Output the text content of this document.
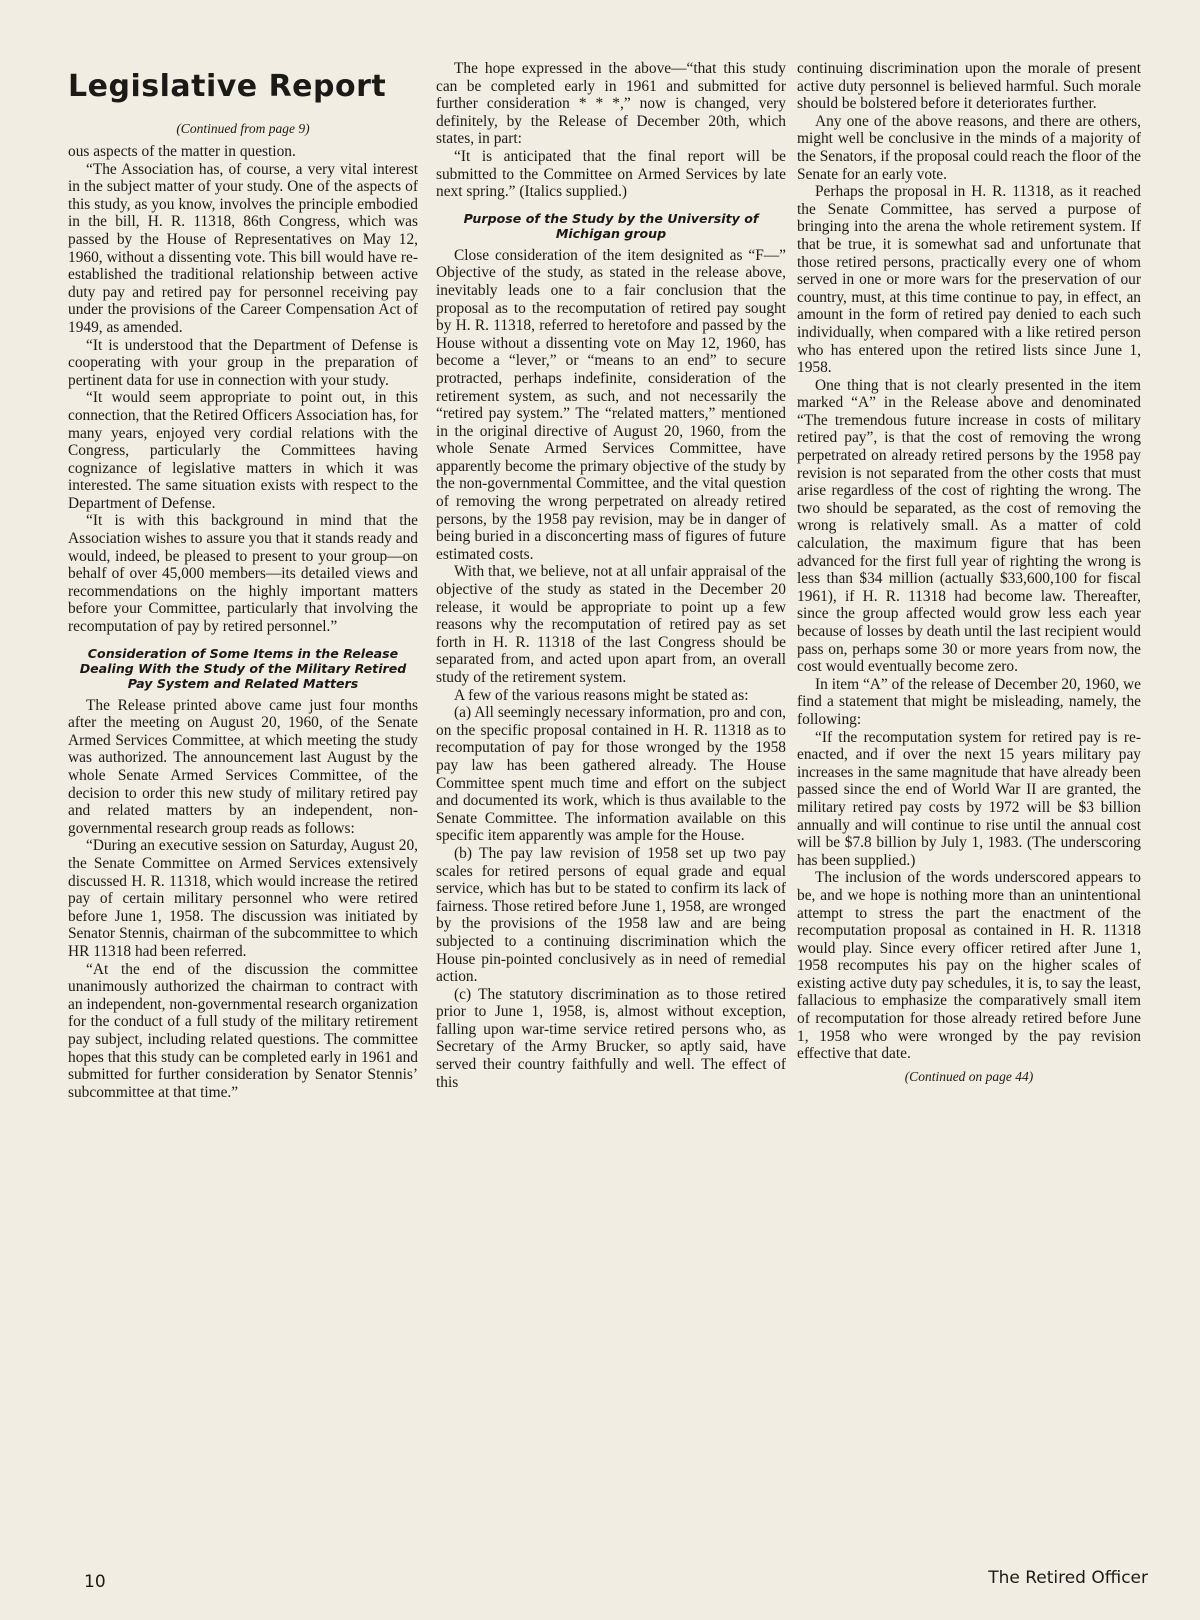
Legislative Report
(Continued from page 9)

ous aspects of the matter in question.

“The Association has, of course, a very vital interest in the subject matter of your study. One of the aspects of this study, as you know, involves the principle embodied in the bill, H. R. 11318, 86th Congress, which was passed by the House of Representatives on May 12, 1960, without a dissenting vote. This bill would have re-established the traditional relationship between active duty pay and retired pay for personnel receiving pay under the provisions of the Career Compensation Act of 1949, as amended.

“It is understood that the Department of Defense is cooperating with your group in the preparation of pertinent data for use in connection with your study.

“It would seem appropriate to point out, in this connection, that the Retired Officers Association has, for many years, enjoyed very cordial relations with the Congress, particularly the Committees having cognizance of legislative matters in which it was interested. The same situation exists with respect to the Department of Defense.

“It is with this background in mind that the Association wishes to assure you that it stands ready and would, indeed, be pleased to present to your group—on behalf of over 45,000 members—its detailed views and recommendations on the highly important matters before your Committee, particularly that involving the recomputation of pay by retired personnel.”

Consideration of Some Items in the Release Dealing With the Study of the Military Retired Pay System and Related Matters

The Release printed above came just four months after the meeting on August 20, 1960, of the Senate Armed Services Committee, at which meeting the study was authorized. The announcement last August by the whole Senate Armed Services Committee, of the decision to order this new study of military retired pay and related matters by an independent, non-governmental research group reads as follows:

“During an executive session on Saturday, August 20, the Senate Committee on Armed Services extensively discussed H. R. 11318, which would increase the retired pay of certain military personnel who were retired before June 1, 1958. The discussion was initiated by Senator Stennis, chairman of the subcommittee to which HR 11318 had been referred.

“At the end of the discussion the committee unanimously authorized the chairman to contract with an independent, non-governmental research organization for the conduct of a full study of the military retirement pay subject, including related questions. The committee hopes that this study can be completed early in 1961 and submitted for further consideration by Senator Stennis’ subcommittee at that time.”

The hope expressed in the above—“that this study can be completed early in 1961 and submitted for further consideration * * *,” now is changed, very definitely, by the Release of December 20th, which states, in part:

“It is anticipated that the final report will be submitted to the Committee on Armed Services by late next spring.” (Italics supplied.)

Purpose of the Study by the University of Michigan group

Close consideration of the item designited as “F—” Objective of the study, as stated in the release above, inevitably leads one to a fair conclusion that the proposal as to the recomputation of retired pay sought by H. R. 11318, referred to heretofore and passed by the House without a dissenting vote on May 12, 1960, has become a “lever,” or “means to an end” to secure protracted, perhaps indefinite, consideration of the retirement system, as such, and not necessarily the “retired pay system.” The “related matters,” mentioned in the original directive of August 20, 1960, from the whole Senate Armed Services Committee, have apparently become the primary objective of the study by the non-governmental Committee, and the vital question of removing the wrong perpetrated on already retired persons, by the 1958 pay revision, may be in danger of being buried in a disconcerting mass of figures of future estimated costs.

With that, we believe, not at all unfair appraisal of the objective of the study as stated in the December 20 release, it would be appropriate to point up a few reasons why the recomputation of retired pay as set forth in H. R. 11318 of the last Congress should be separated from, and acted upon apart from, an overall study of the retirement system.

A few of the various reasons might be stated as:

(a) All seemingly necessary information, pro and con, on the specific proposal contained in H. R. 11318 as to recomputation of pay for those wronged by the 1958 pay law has been gathered already. The House Committee spent much time and effort on the subject and documented its work, which is thus available to the Senate Committee. The information available on this specific item apparently was ample for the House.

(b) The pay law revision of 1958 set up two pay scales for retired persons of equal grade and equal service, which has but to be stated to confirm its lack of fairness. Those retired before June 1, 1958, are wronged by the provisions of the 1958 law and are being subjected to a continuing discrimination which the House pin-pointed conclusively as in need of remedial action.

(c) The statutory discrimination as to those retired prior to June 1, 1958, is, almost without exception, falling upon war-time service retired persons who, as Secretary of the Army Brucker, so aptly said, have served their country faithfully and well. The effect of this

continuing discrimination upon the morale of present active duty personnel is believed harmful. Such morale should be bolstered before it deteriorates further.

Any one of the above reasons, and there are others, might well be conclusive in the minds of a majority of the Senators, if the proposal could reach the floor of the Senate for an early vote.

Perhaps the proposal in H. R. 11318, as it reached the Senate Committee, has served a purpose of bringing into the arena the whole retirement system. If that be true, it is somewhat sad and unfortunate that those retired persons, practically every one of whom served in one or more wars for the preservation of our country, must, at this time continue to pay, in effect, an amount in the form of retired pay denied to each such individually, when compared with a like retired person who has entered upon the retired lists since June 1, 1958.

One thing that is not clearly presented in the item marked “A” in the Release above and denominated “The tremendous future increase in costs of military retired pay”, is that the cost of removing the wrong perpetrated on already retired persons by the 1958 pay revision is not separated from the other costs that must arise regardless of the cost of righting the wrong. The two should be separated, as the cost of removing the wrong is relatively small. As a matter of cold calculation, the maximum figure that has been advanced for the first full year of righting the wrong is less than $34 million (actually $33,600,100 for fiscal 1961), if H. R. 11318 had become law. Thereafter, since the group affected would grow less each year because of losses by death until the last recipient would pass on, perhaps some 30 or more years from now, the cost would eventually become zero.

In item “A” of the release of December 20, 1960, we find a statement that might be misleading, namely, the following:

“If the recomputation system for retired pay is re-enacted, and if over the next 15 years military pay increases in the same magnitude that have already been passed since the end of World War II are granted, the military retired pay costs by 1972 will be $3 billion annually and will continue to rise until the annual cost will be $7.8 billion by July 1, 1983. (The underscoring has been supplied.)

The inclusion of the words underscored appears to be, and we hope is nothing more than an unintentional attempt to stress the part the enactment of the recomputation proposal as contained in H. R. 11318 would play. Since every officer retired after June 1, 1958 recomputes his pay on the higher scales of existing active duty pay schedules, it is, to say the least, fallacious to emphasize the comparatively small item of recomputation for those already retired before June 1, 1958 who were wronged by the pay revision effective that date.

(Continued on page 44)
10	The Retired Officer
